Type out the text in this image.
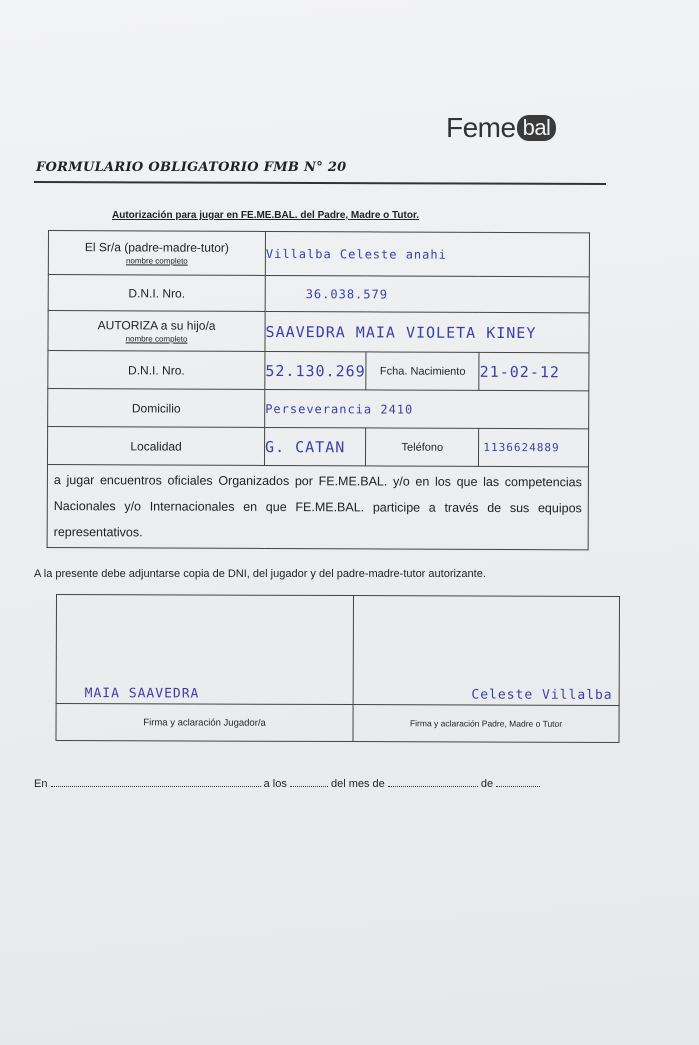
Feme bal
FORMULARIO OBLIGATORIO FMB N° 20
Autorización para jugar en FE.ME.BAL. del Padre, Madre o Tutor.
El Sr/a (padre-madre-tutor)
nombre completo	Villalba Celeste anahi		
D.N.I. Nro.	36.038.579		
AUTORIZA a su hijo/a
nombre completo	SAAVEDRA MAIA VIOLETA KINEY		
D.N.I. Nro.	52.130.269	Fcha. Nacimiento	21-02-12
Domicilio	Perseverancia 2410		
Localidad	G. CATAN	Teléfono	1136624889
a jugar encuentros oficiales Organizados por FE.ME.BAL. y/o en los que las competencias Nacionales y/o Internacionales en que FE.ME.BAL. participe a través de sus equipos representativos.			
A la presente debe adjuntarse copia de DNI, del jugador y del padre-madre-tutor autorizante.
MAIA SAAVEDRA	Celeste Villalba

Firma y aclaración Jugador/a	Firma y aclaración Padre, Madre o Tutor
En	a los	del mes de	de
